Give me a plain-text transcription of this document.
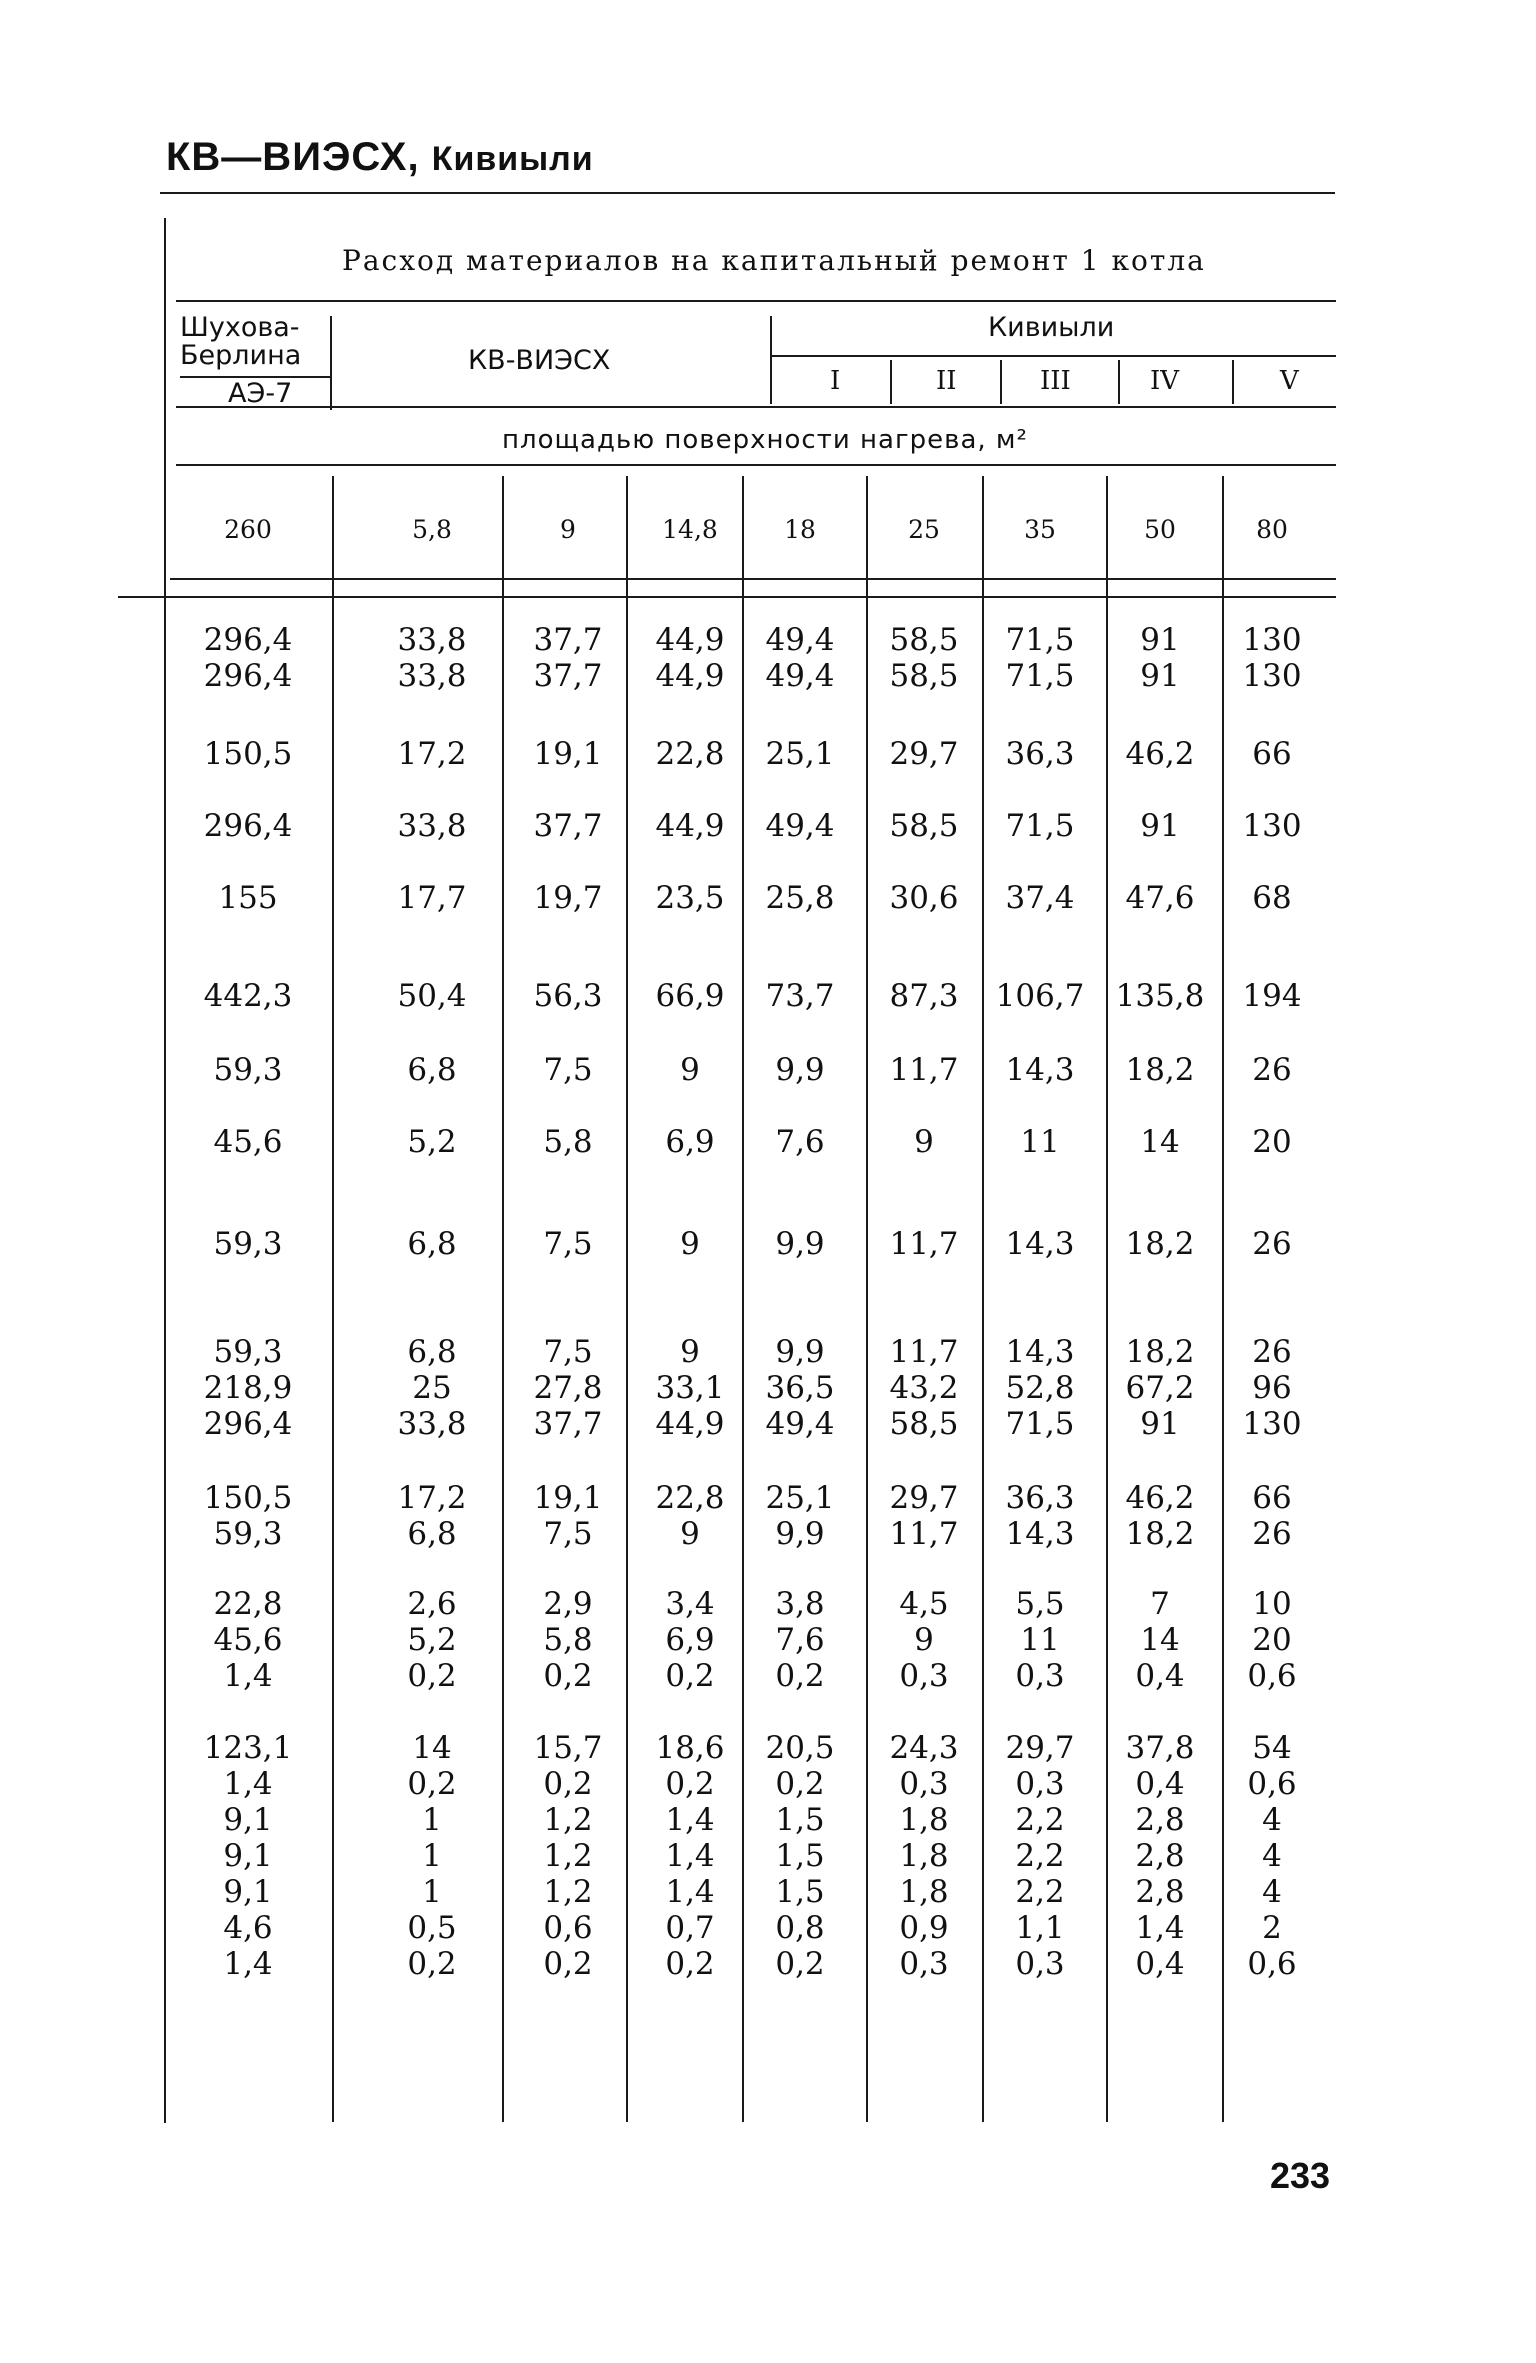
КВ—ВИЭСХ, Кивиыли
Расход материалов на капитальный ремонт 1 котла
Шухова-
Берлина
АЭ-7
КВ-ВИЭСХ
Кивиыли
I	II	III	IV	V
площадью поверхности нагрева, м²
260	5,8	9	14,8	18	25	35	50	80
296,4	33,8	37,7	44,9	49,4	58,5	71,5	91	130
296,4	33,8	37,7	44,9	49,4	58,5	71,5	91	130
150,5	17,2	19,1	22,8	25,1	29,7	36,3	46,2	66
296,4	33,8	37,7	44,9	49,4	58,5	71,5	91	130
155	17,7	19,7	23,5	25,8	30,6	37,4	47,6	68
442,3	50,4	56,3	66,9	73,7	87,3	106,7 135,8	194
59,3	6,8	7,5	9	9,9	11,7	14,3	18,2	26
45,6	5,2	5,8	6,9	7,6	9	11	14	20
59,3	6,8	7,5	9	9,9	11,7	14,3	18,2	26
59,3	6,8	7,5	9	9,9	11,7	14,3	18,2	26
218,9	25	27,8	33,1	36,5	43,2	52,8	67,2	96
296,4	33,8	37,7	44,9	49,4	58,5	71,5	91	130
150,5	17,2	19,1	22,8	25,1	29,7	36,3	46,2	66
59,3	6,8	7,5	9	9,9	11,7	14,3	18,2	26
22,8	2,6	2,9	3,4	3,8	4,5	5,5	7	10
45,6	5,2	5,8	6,9	7,6	9	11	14	20
1,4	0,2	0,2	0,2	0,2	0,3	0,3	0,4	0,6
123,1	14	15,7	18,6	20,5	24,3	29,7	37,8	54
1,4	0,2	0,2	0,2	0,2	0,3	0,3	0,4	0,6
9,1	1	1,2	1,4	1,5	1,8	2,2	2,8	4
9,1	1	1,2	1,4	1,5	1,8	2,2	2,8	4
9,1	1	1,2	1,4	1,5	1,8	2,2	2,8	4
4,6	0,5	0,6	0,7	0,8	0,9	1,1	1,4	2
1,4	0,2	0,2	0,2	0,2	0,3	0,3	0,4	0,6
233
